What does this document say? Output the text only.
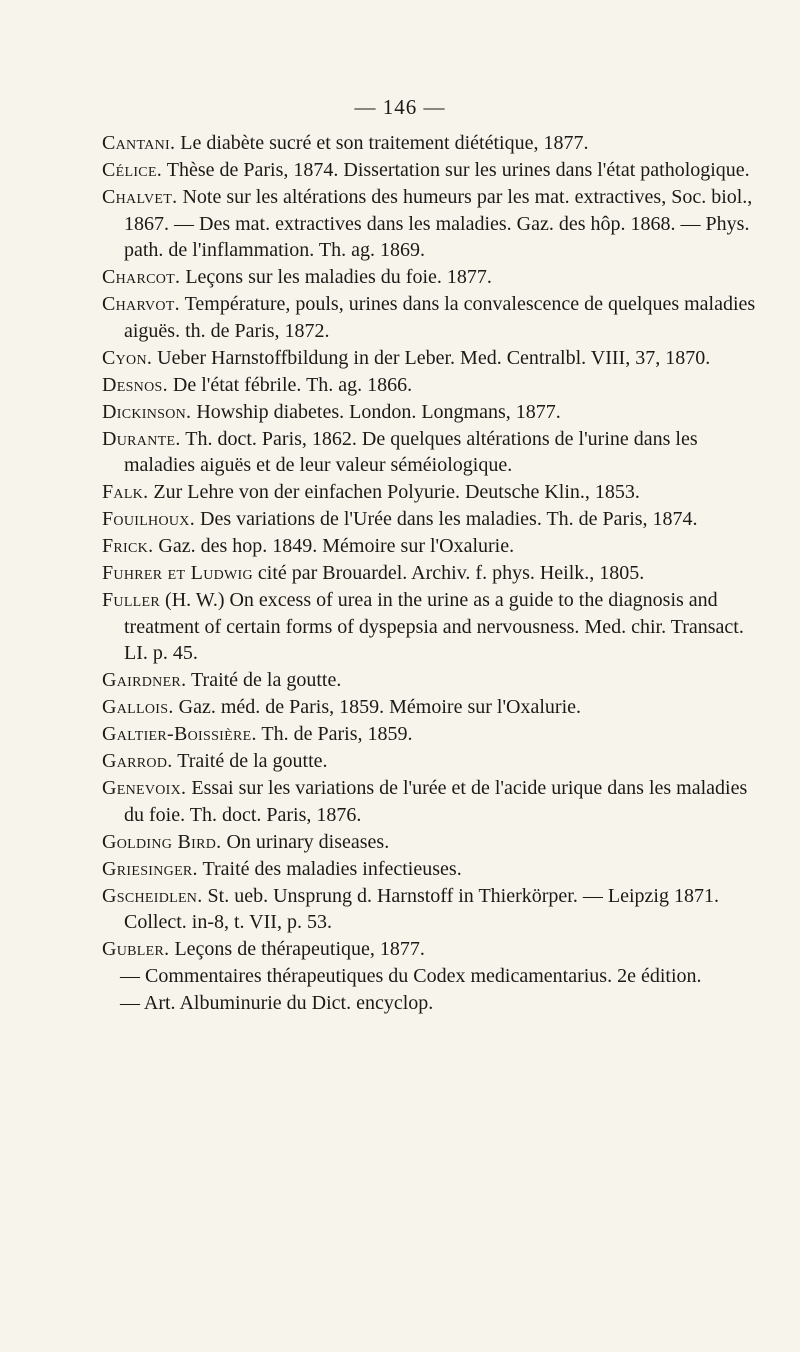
— 146 —

Cantani. Le diabète sucré et son traitement diététique, 1877.

Célice. Thèse de Paris, 1874. Dissertation sur les urines dans l'état pathologique.

Chalvet. Note sur les altérations des humeurs par les mat. extractives, Soc. biol., 1867. — Des mat. extractives dans les maladies. Gaz. des hôp. 1868. — Phys. path. de l'inflammation. Th. ag. 1869.

Charcot. Leçons sur les maladies du foie. 1877.

Charvot. Température, pouls, urines dans la convalescence de quelques maladies aiguës. th. de Paris, 1872.

Cyon. Ueber Harnstoffbildung in der Leber. Med. Centralbl. VIII, 37, 1870.

Desnos. De l'état fébrile. Th. ag. 1866.

Dickinson. Howship diabetes. London. Longmans, 1877.

Durante. Th. doct. Paris, 1862. De quelques altérations de l'urine dans les maladies aiguës et de leur valeur séméiologique.

Falk. Zur Lehre von der einfachen Polyurie. Deutsche Klin., 1853.

Fouilhoux. Des variations de l'Urée dans les maladies. Th. de Paris, 1874.

Frick. Gaz. des hop. 1849. Mémoire sur l'Oxalurie.

Fuhrer et Ludwig cité par Brouardel. Archiv. f. phys. Heilk., 1805.

Fuller (H. W.) On excess of urea in the urine as a guide to the diagnosis and treatment of certain forms of dyspepsia and nervousness. Med. chir. Transact. LI. p. 45.

Gairdner. Traité de la goutte.

Gallois. Gaz. méd. de Paris, 1859. Mémoire sur l'Oxalurie.

Galtier-Boissière. Th. de Paris, 1859.

Garrod. Traité de la goutte.

Genevoix. Essai sur les variations de l'urée et de l'acide urique dans les maladies du foie. Th. doct. Paris, 1876.

Golding Bird. On urinary diseases.

Griesinger. Traité des maladies infectieuses.

Gscheidlen. St. ueb. Unsprung d. Harnstoff in Thierkörper. — Leipzig 1871. Collect. in-8, t. VII, p. 53.

Gubler. Leçons de thérapeutique, 1877.

— Commentaires thérapeutiques du Codex medicamentarius. 2e édition.

— Art. Albuminurie du Dict. encyclop.
